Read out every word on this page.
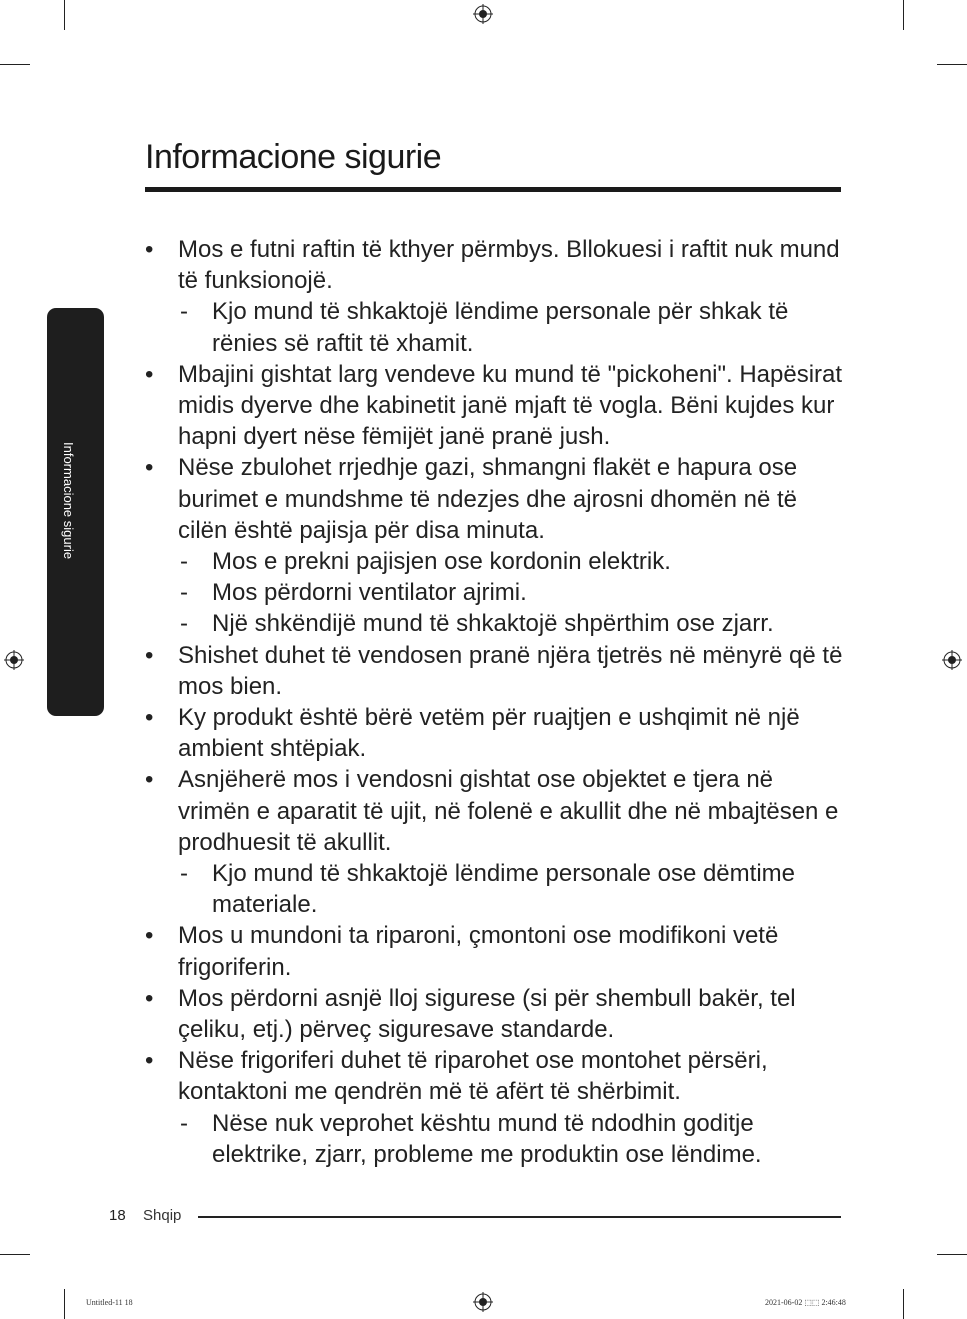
Informacione sigurie
Informacione sigurie
• Mos e futni raftin të kthyer përmbys. Bllokuesi i raftit nuk mund të funksionojë.
- Kjo mund të shkaktojë lëndime personale për shkak të rënies së raftit të xhamit.
• Mbajini gishtat larg vendeve ku mund të "pickoheni". Hapësirat midis dyerve dhe kabinetit janë mjaft të vogla. Bëni kujdes kur hapni dyert nëse fëmijët janë pranë jush.
• Nëse zbulohet rrjedhje gazi, shmangni flakët e hapura ose burimet e mundshme të ndezjes dhe ajrosni dhomën në të cilën është pajisja për disa minuta.
- Mos e prekni pajisjen ose kordonin elektrik.
- Mos përdorni ventilator ajrimi.
- Një shkëndijë mund të shkaktojë shpërthim ose zjarr.
• Shishet duhet të vendosen pranë njëra tjetrës në mënyrë që të mos bien.
• Ky produkt është bërë vetëm për ruajtjen e ushqimit në një ambient shtëpiak.
• Asnjëherë mos i vendosni gishtat ose objektet e tjera në vrimën e aparatit të ujit, në folenë e akullit dhe në mbajtësen e prodhuesit të akullit.
- Kjo mund të shkaktojë lëndime personale ose dëmtime materiale.
• Mos u mundoni ta riparoni, çmontoni ose modifikoni vetë frigoriferin.
• Mos përdorni asnjë lloj sigurese (si për shembull bakër, tel çeliku, etj.) përveç siguresave standarde.
• Nëse frigoriferi duhet të riparohet ose montohet përsëri, kontaktoni me qendrën më të afërt të shërbimit.
- Nëse nuk veprohet kështu mund të ndodhin goditje elektrike, zjarr, probleme me produktin ose lëndime.
18 Shqip
Untitled-11 18	2021-06-02 ⬚⬚ 2:46:48
